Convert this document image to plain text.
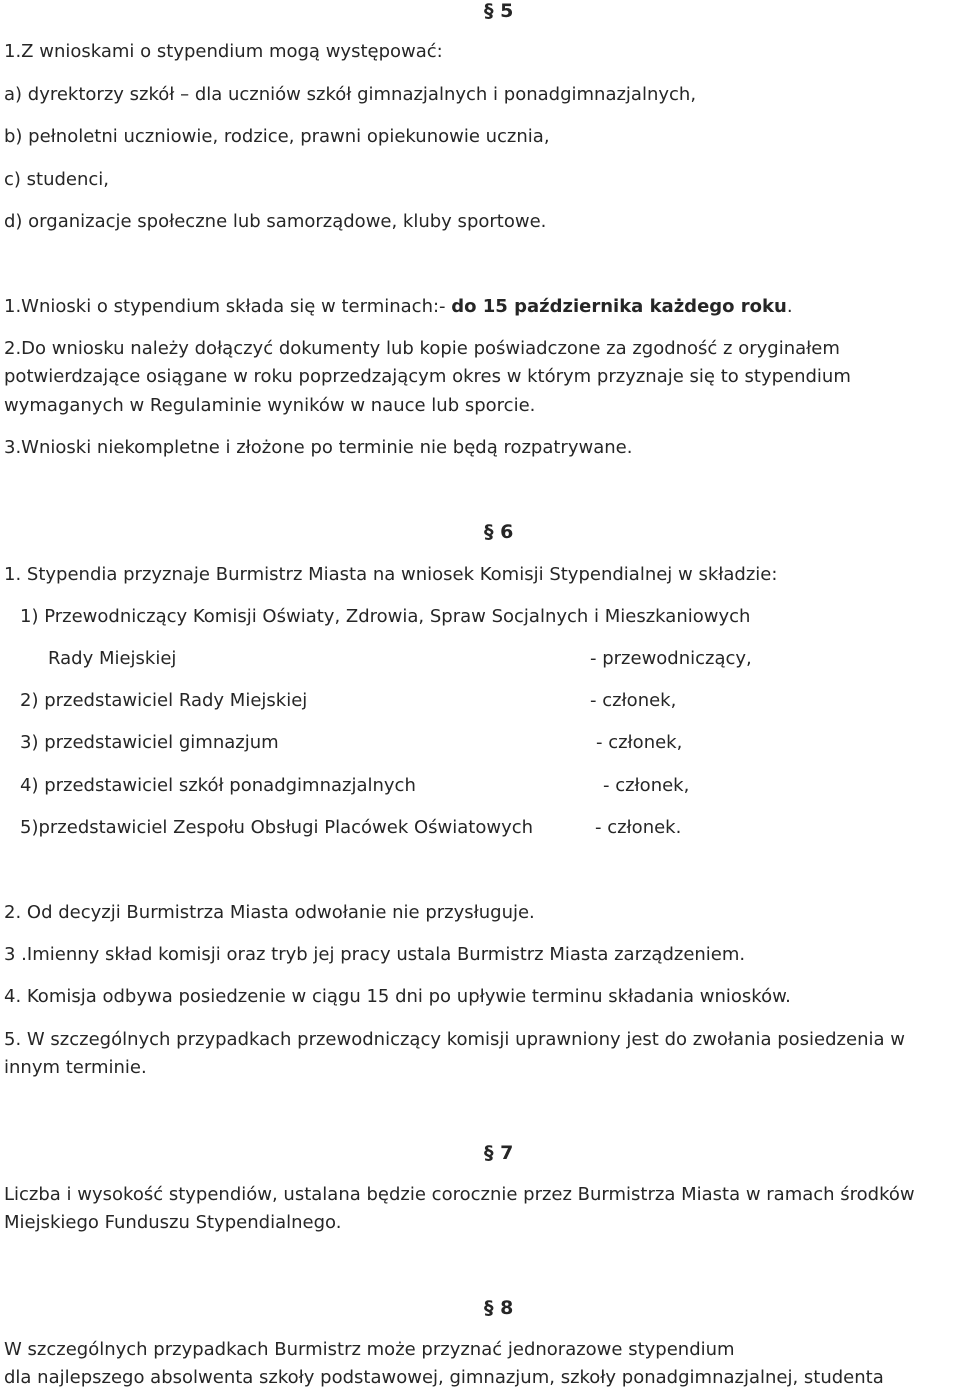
§ 5
1.Z wnioskami o stypendium mogą występować:
a) dyrektorzy szkół – dla uczniów szkół gimnazjalnych i ponadgimnazjalnych,
b) pełnoletni uczniowie, rodzice, prawni opiekunowie ucznia,
c) studenci,
d) organizacje społeczne lub samorządowe, kluby sportowe.
1.Wnioski o stypendium składa się w terminach:- do 15 października każdego roku.
2.Do wniosku należy dołączyć dokumenty lub kopie poświadczone za zgodność z oryginałem
potwierdzające osiągane w roku poprzedzającym okres w którym przyznaje się to stypendium
wymaganych w Regulaminie wyników w nauce lub sporcie.
3.Wnioski niekompletne i złożone po terminie nie będą rozpatrywane.
§ 6
1. Stypendia przyznaje Burmistrz Miasta na wniosek Komisji Stypendialnej w składzie:
1) Przewodniczący Komisji Oświaty, Zdrowia, Spraw Socjalnych i Mieszkaniowych
Rady Miejskiej	- przewodniczący,
2) przedstawiciel Rady Miejskiej	- członek,
3) przedstawiciel gimnazjum	- członek,
4) przedstawiciel szkół ponadgimnazjalnych	- członek,
5)przedstawiciel Zespołu Obsługi Placówek Oświatowych	- członek.
2. Od decyzji Burmistrza Miasta odwołanie nie przysługuje.
3 .Imienny skład komisji oraz tryb jej pracy ustala Burmistrz Miasta zarządzeniem.
4. Komisja odbywa posiedzenie w ciągu 15 dni po upływie terminu składania wniosków.
5. W szczególnych przypadkach przewodniczący komisji uprawniony jest do zwołania posiedzenia w
innym terminie.
§ 7
Liczba i wysokość stypendiów, ustalana będzie corocznie przez Burmistrza Miasta w ramach środków
Miejskiego Funduszu Stypendialnego.
§ 8
W szczególnych przypadkach Burmistrz może przyznać jednorazowe stypendium
dla najlepszego absolwenta szkoły podstawowej, gimnazjum, szkoły ponadgimnazjalnej, studenta
